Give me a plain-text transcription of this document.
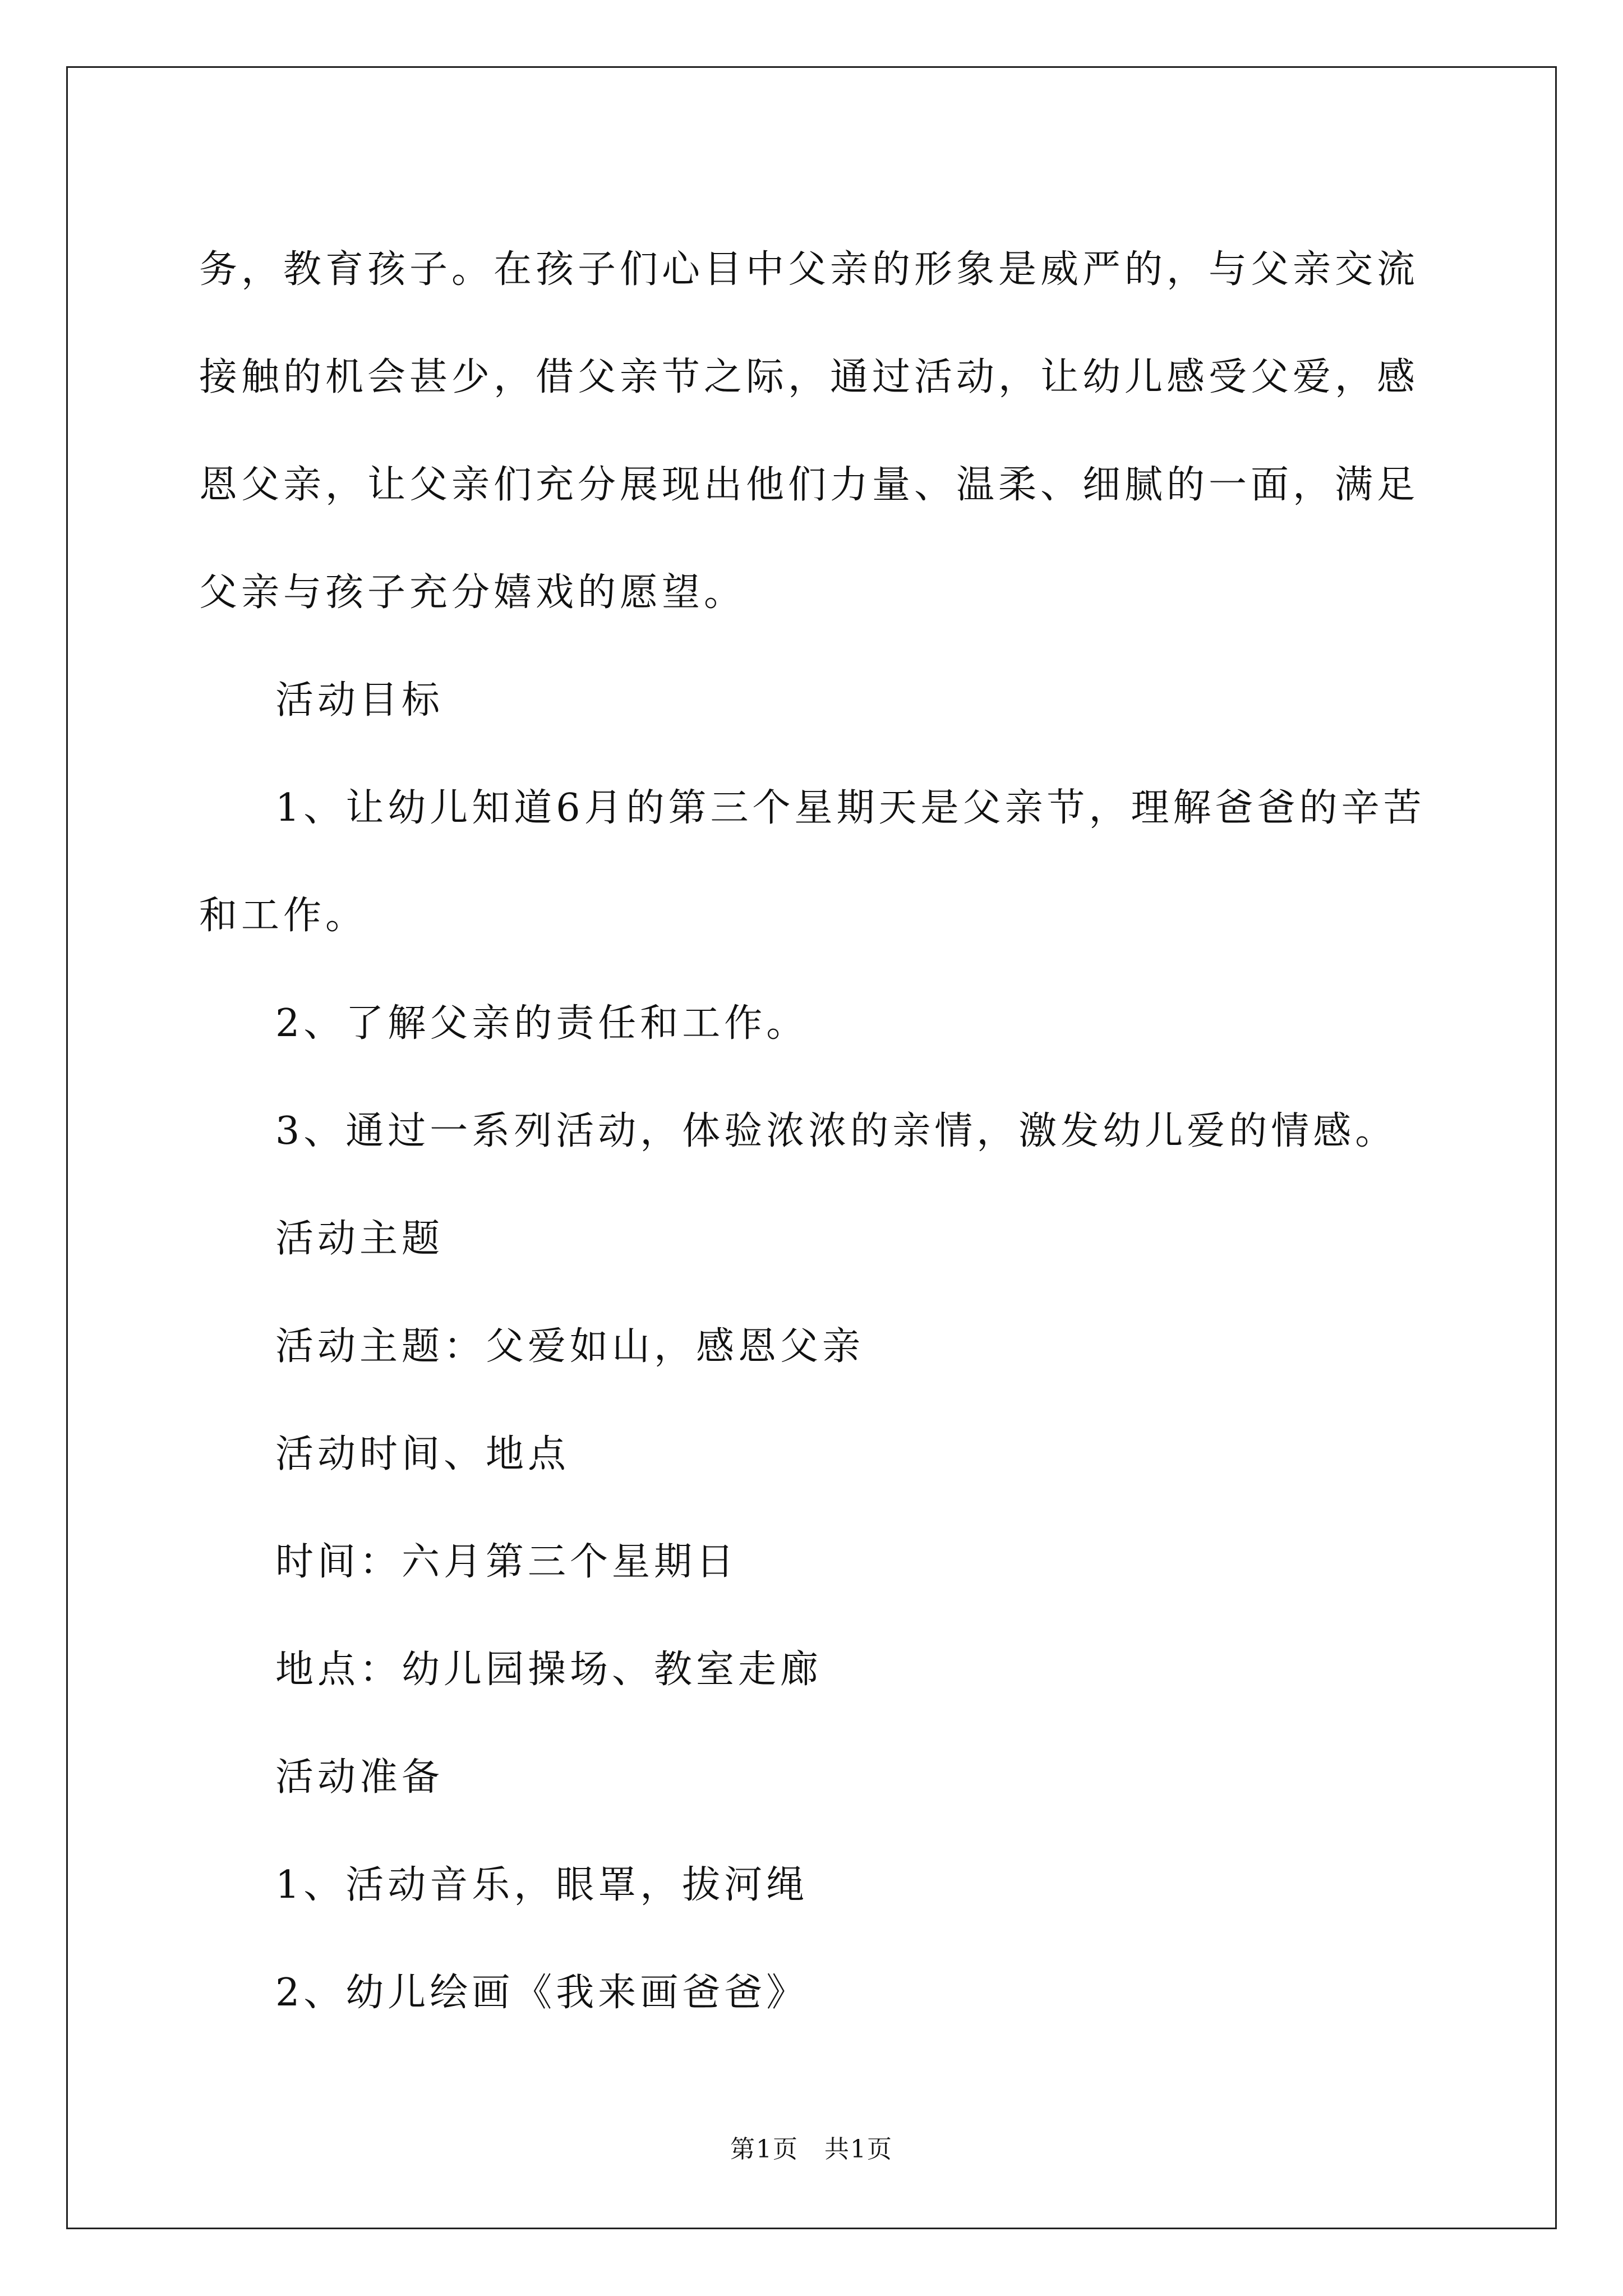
务，教育孩子。在孩子们心目中父亲的形象是威严的，与父亲交流接触的机会甚少，借父亲节之际，通过活动，让幼儿感受父爱，感恩父亲，让父亲们充分展现出他们力量、温柔、细腻的一面，满足父亲与孩子充分嬉戏的愿望。

活动目标

1、让幼儿知道6月的第三个星期天是父亲节，理解爸爸的辛苦和工作。

2、了解父亲的责任和工作。

3、通过一系列活动，体验浓浓的亲情，激发幼儿爱的情感。

活动主题

活动主题：父爱如山，感恩父亲

活动时间、地点

时间：六月第三个星期日

地点：幼儿园操场、教室走廊

活动准备

1、活动音乐，眼罩，拔河绳

2、幼儿绘画《我来画爸爸》

第1页　共1页
